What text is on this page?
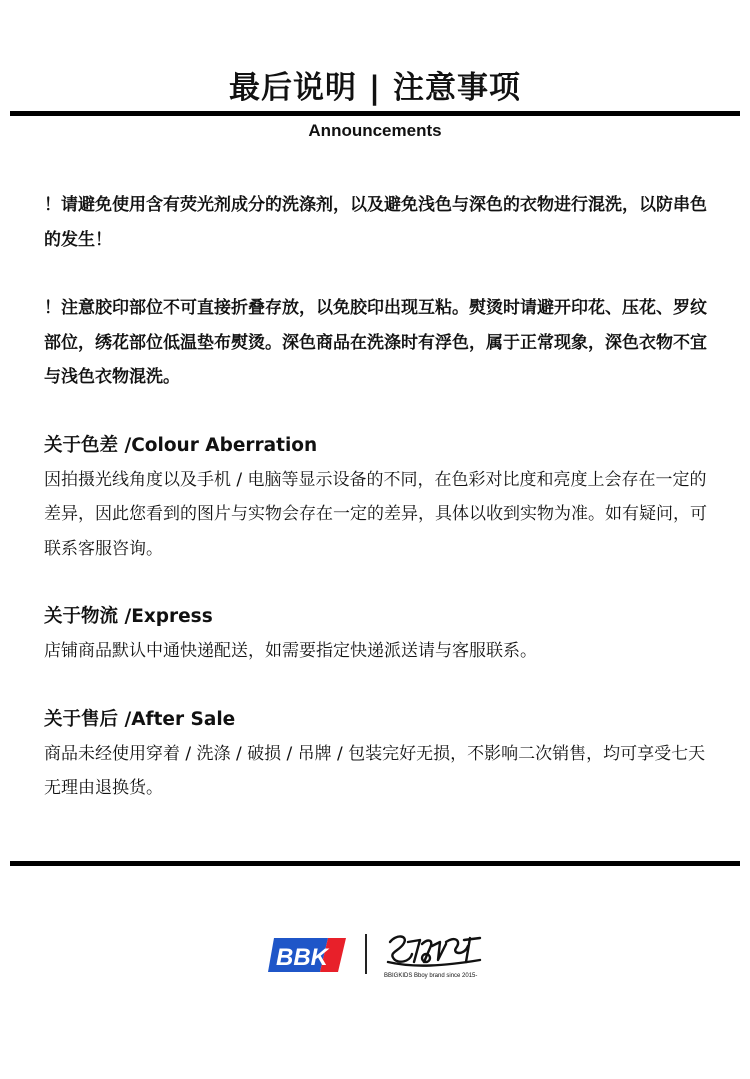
最后说明 | 注意事项
Announcements

！请避免使用含有荧光剂成分的洗涤剂，以及避免浅色与深色的衣物进行混洗，以防串色的发生！

！注意胶印部位不可直接折叠存放，以免胶印出现互粘。熨烫时请避开印花、压花、罗纹部位，绣花部位低温垫布熨烫。深色商品在洗涤时有浮色，属于正常现象，深色衣物不宜与浅色衣物混洗。

关于色差 /Colour Aberration

因拍摄光线角度以及手机 / 电脑等显示设备的不同，在色彩对比度和亮度上会存在一定的差异，因此您看到的图片与实物会存在一定的差异，具体以收到实物为准。如有疑问，可联系客服咨询。

关于物流 /Express

店铺商品默认中通快递配送，如需要指定快递派送请与客服联系。

关于售后 /After Sale

商品未经使用穿着 / 洗涤 / 破损 / 吊牌 / 包装完好无损，不影响二次销售，均可享受七天无理由退换货。

BBK
BBIGKIDS Bboy brand since 2015-
